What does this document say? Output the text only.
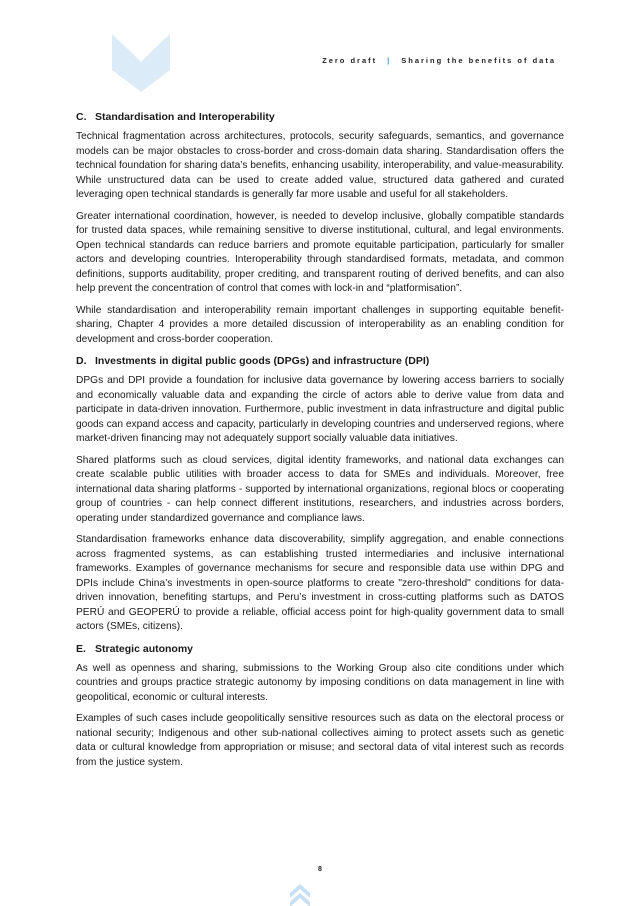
Zero draft | Sharing the benefits of data
C. Standardisation and Interoperability

Technical fragmentation across architectures, protocols, security safeguards, semantics, and governance models can be major obstacles to cross-border and cross-domain data sharing. Standardisation offers the technical foundation for sharing data’s benefits, enhancing usability, interoperability, and value-measurability. While unstructured data can be used to create added value, structured data gathered and curated leveraging open technical standards is generally far more usable and useful for all stakeholders.

Greater international coordination, however, is needed to develop inclusive, globally compatible standards for trusted data spaces, while remaining sensitive to diverse institutional, cultural, and legal environments. Open technical standards can reduce barriers and promote equitable participation, particularly for smaller actors and developing countries. Interoperability through standardised formats, metadata, and common definitions, supports auditability, proper crediting, and transparent routing of derived benefits, and can also help prevent the concentration of control that comes with lock-in and “platformisation”.

While standardisation and interoperability remain important challenges in supporting equitable benefit-sharing, Chapter 4 provides a more detailed discussion of interoperability as an enabling condition for development and cross-border cooperation.

D. Investments in digital public goods (DPGs) and infrastructure (DPI)

DPGs and DPI provide a foundation for inclusive data governance by lowering access barriers to socially and economically valuable data and expanding the circle of actors able to derive value from data and participate in data-driven innovation. Furthermore, public investment in data infrastructure and digital public goods can expand access and capacity, particularly in developing countries and underserved regions, where market-driven financing may not adequately support socially valuable data initiatives.

Shared platforms such as cloud services, digital identity frameworks, and national data exchanges can create scalable public utilities with broader access to data for SMEs and individuals. Moreover, free international data sharing platforms - supported by international organizations, regional blocs or cooperating group of countries - can help connect different institutions, researchers, and industries across borders, operating under standardized governance and compliance laws.

Standardisation frameworks enhance data discoverability, simplify aggregation, and enable connections across fragmented systems, as can establishing trusted intermediaries and inclusive international frameworks. Examples of governance mechanisms for secure and responsible data use within DPG and DPIs include China’s investments in open-source platforms to create "zero-threshold" conditions for data-driven innovation, benefiting startups, and Peru’s investment in cross-cutting platforms such as DATOS PERÚ and GEOPERÚ to provide a reliable, official access point for high-quality government data to small actors (SMEs, citizens).

E. Strategic autonomy

As well as openness and sharing, submissions to the Working Group also cite conditions under which countries and groups practice strategic autonomy by imposing conditions on data management in line with geopolitical, economic or cultural interests.

Examples of such cases include geopolitically sensitive resources such as data on the electoral process or national security; Indigenous and other sub-national collectives aiming to protect assets such as genetic data or cultural knowledge from appropriation or misuse; and sectoral data of vital interest such as records from the justice system.

8
